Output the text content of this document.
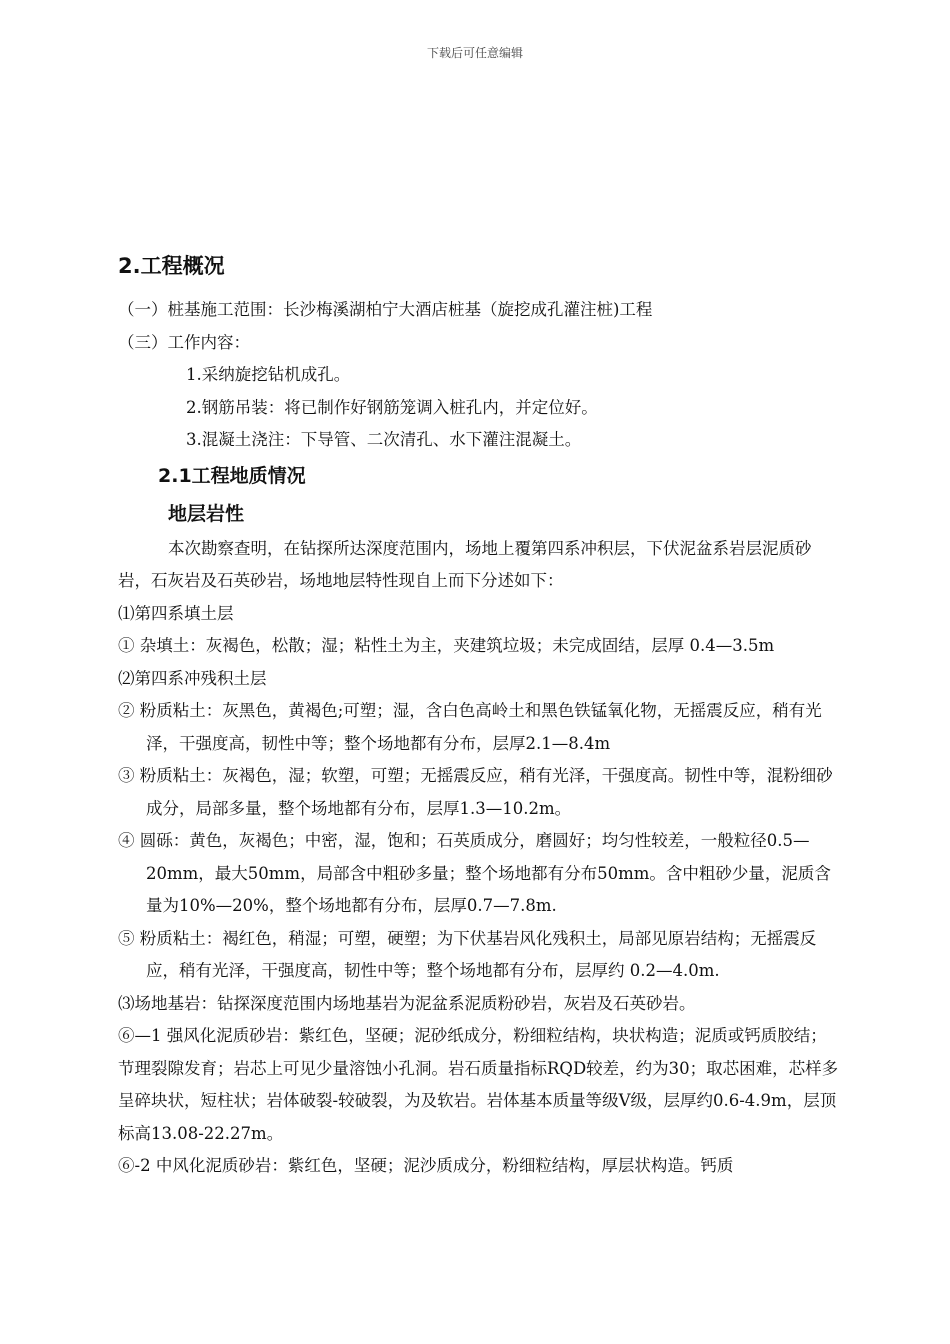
下载后可任意编辑

2.工程概况

（一）桩基施工范围：长沙梅溪湖柏宁大酒店桩基（旋挖成孔灌注桩)工程

（三）工作内容：

1.采纳旋挖钻机成孔。

2.钢筋吊装：将已制作好钢筋笼调入桩孔内，并定位好。

3.混凝土浇注：下导管、二次清孔、水下灌注混凝土。

2.1工程地质情况

地层岩性

本次勘察查明，在钻探所达深度范围内，场地上覆第四系冲积层，下伏泥盆系岩层泥质砂岩，石灰岩及石英砂岩，场地地层特性现自上而下分述如下：

⑴第四系填土层

① 杂填土：灰褐色，松散；湿；粘性土为主，夹建筑垃圾；未完成固结，层厚 0.4—3.5m

⑵第四系冲残积土层

② 粉质粘土：灰黑色，黄褐色;可塑；湿，含白色高岭土和黑色铁锰氧化物，无摇震反应，稍有光泽，干强度高，韧性中等；整个场地都有分布，层厚2.1—8.4m

③ 粉质粘土：灰褐色，湿；软塑，可塑；无摇震反应，稍有光泽，干强度高。韧性中等，混粉细砂成分，局部多量，整个场地都有分布，层厚1.3—10.2m。

④ 圆砾：黄色，灰褐色；中密，湿，饱和；石英质成分，磨圆好；均匀性较差，一般粒径0.5—20mm，最大50mm，局部含中粗砂多量；整个场地都有分布50mm。含中粗砂少量，泥质含量为10%—20%，整个场地都有分布，层厚0.7—7.8m.

⑤ 粉质粘土：褐红色，稍湿；可塑，硬塑；为下伏基岩风化残积土，局部见原岩结构；无摇震反应，稍有光泽，干强度高，韧性中等；整个场地都有分布，层厚约 0.2—4.0m.

⑶场地基岩：钻探深度范围内场地基岩为泥盆系泥质粉砂岩，灰岩及石英砂岩。

⑥—1 强风化泥质砂岩：紫红色，坚硬；泥砂纸成分，粉细粒结构，块状构造；泥质或钙质胶结；节理裂隙发育；岩芯上可见少量溶蚀小孔洞。岩石质量指标RQD较差，约为30；取芯困难，芯样多呈碎块状，短柱状；岩体破裂-较破裂，为及软岩。岩体基本质量等级Ⅴ级，层厚约0.6-4.9m，层顶标高13.08-22.27m。

⑥-2 中风化泥质砂岩：紫红色，坚硬；泥沙质成分，粉细粒结构，厚层状构造。钙质
